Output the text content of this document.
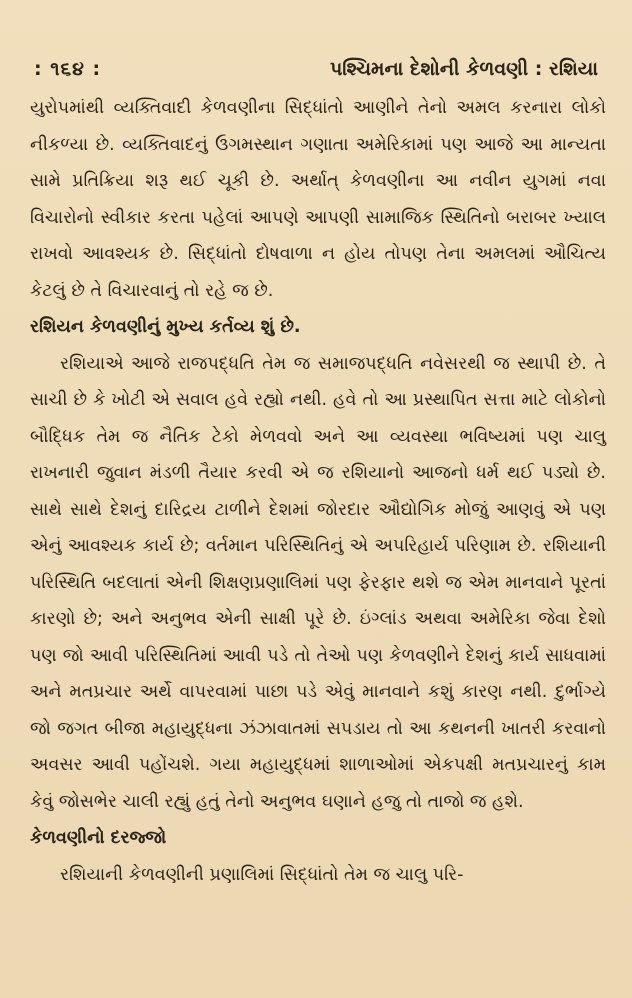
: ૧૬૪ :	પશ્ચિમના દેશોની કેળવણી : રશિયા

યુરોપમાંથી વ્યક્તિવાદી કેળવણીના સિદ્ધાંતો આણીને તેનો અમલ કરનારા લોકો નીકળ્યા છે. વ્યક્તિવાદનું ઉગમસ્થાન ગણાતા અમેરિકામાં પણ આજે આ માન્યતા સામે પ્રતિક્રિયા શરૂ થઈ ચૂકી છે. અર્થાત્ કેળવણીના આ નવીન યુગમાં નવા વિચારોનો સ્વીકાર કરતા પહેલાં આપણે આપણી સામાજિક સ્થિતિનો બરાબર ખ્યાલ રાખવો આવશ્યક છે. સિદ્ધાંતો દોષવાળા ન હોય તોપણ તેના અમલમાં ઔચિત્ય કેટલું છે તે વિચારવાનું તો રહે જ છે.

રશિયન કેળવણીનું મુખ્ય કર્તવ્ય શું છે.

રશિયાએ આજે રાજપદ્ધતિ તેમ જ સમાજપદ્ધતિ નવેસરથી જ સ્થાપી છે. તે સાચી છે કે ખોટી એ સવાલ હવે રહ્યો નથી. હવે તો આ પ્રસ્થાપિત સત્તા માટે લોકોનો બૌદ્ધિક તેમ જ નૈતિક ટેકો મેળવવો અને આ વ્યવસ્થા ભવિષ્યમાં પણ ચાલુ રાખનારી જુવાન મંડળી તૈયાર કરવી એ જ રશિયાનો આજનો ધર્મ થઈ પડ્યો છે. સાથે સાથે દેશનું દારિદ્રય ટાળીને દેશમાં જોરદાર ઔદ્યોગિક મોજું આણવું એ પણ એનું આવશ્યક કાર્ય છે; વર્તમાન પરિસ્થિતિનું એ અપરિહાર્ય પરિણામ છે. રશિયાની પરિસ્થિતિ બદલાતાં એની શિક્ષણપ્રણાલિમાં પણ ફેરફાર થશે જ એમ માનવાને પૂરતાં કારણો છે; અને અનુભવ એની સાક્ષી પૂરે છે. ઇંગ્લાંડ અથવા અમેરિકા જેવા દેશો પણ જો આવી પરિસ્થિતિમાં આવી પડે તો તેઓ પણ કેળવણીને દેશનું કાર્ય સાધવામાં અને મતપ્રચાર અર્થે વાપરવામાં પાછા પડે એવું માનવાને કશું કારણ નથી. દુર્ભાગ્યે જો જગત બીજા મહાયુદ્ધના ઝંઝાવાતમાં સપડાય તો આ કથનની ખાતરી કરવાનો અવસર આવી પહોંચશે. ગયા મહાયુદ્ધમાં શાળાઓમાં એકપક્ષી મતપ્રચારનું કામ કેવું જોસભેર ચાલી રહ્યું હતું તેનો અનુભવ ઘણાને હજુ તો તાજો જ હશે.

કેળવણીનો દરજ્જો

રશિયાની કેળવણીની પ્રણાલિમાં સિદ્ધાંતો તેમ જ ચાલુ પરિ-
